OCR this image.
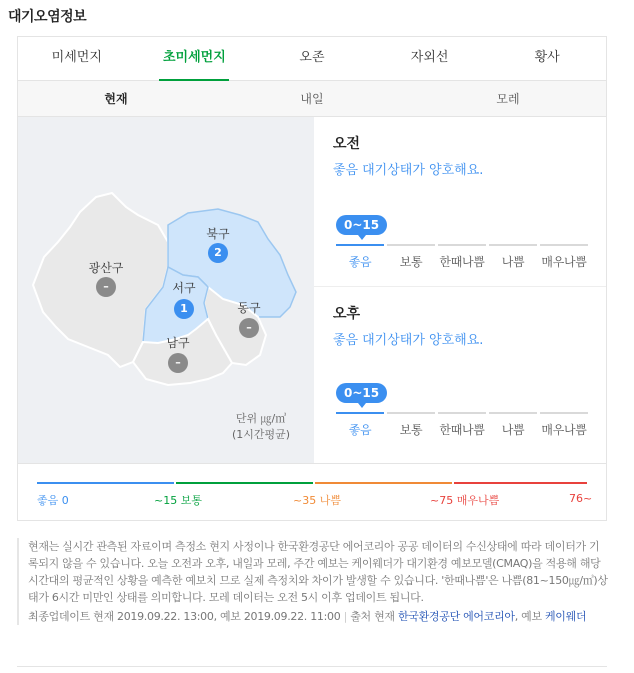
대기오염정보
미세먼지	초미세먼지	오존	자외선	황사
현재	내일	모레
광산구
–
북구
2
서구
1	동구
–
남구
–
단위 ㎍/㎥
(1시간평균)
오전
좋음 대기상태가 양호해요.
0~15
좋음	보통	한때나쁨	나쁨	매우나쁨
오후
좋음 대기상태가 양호해요.
0~15
좋음	보통	한때나쁨	나쁨	매우나쁨
좋음 0	~15 보통	~35 나쁨	~75 매우나쁨	76~
현재는 실시간 관측된 자료이며 측정소 현지 사정이나 한국환경공단 에어코리아 공공 데이터의 수신상태에 따라 데이터가 기록되지 않을 수 있습니다. 오늘 오전과 오후, 내일과 모레, 주간 예보는 케이웨더가 대기환경 예보모델(CMAQ)을 적용해 해당 시간대의 평균적인 상황을 예측한 예보치 므로 실제 측정치와 차이가 발생할 수 있습니다. '한때나쁨'은 나쁨(81~150㎍/㎥)상태가 6시간 미만인 상태를 의미합니다. 모레 데이터는 오전 5시 이후 업데이트 됩니다.
최종업데이트 현재 2019.09.22. 13:00, 예보 2019.09.22. 11:00 | 출처 현재 한국환경공단 에어코리아, 예보 케이웨더
